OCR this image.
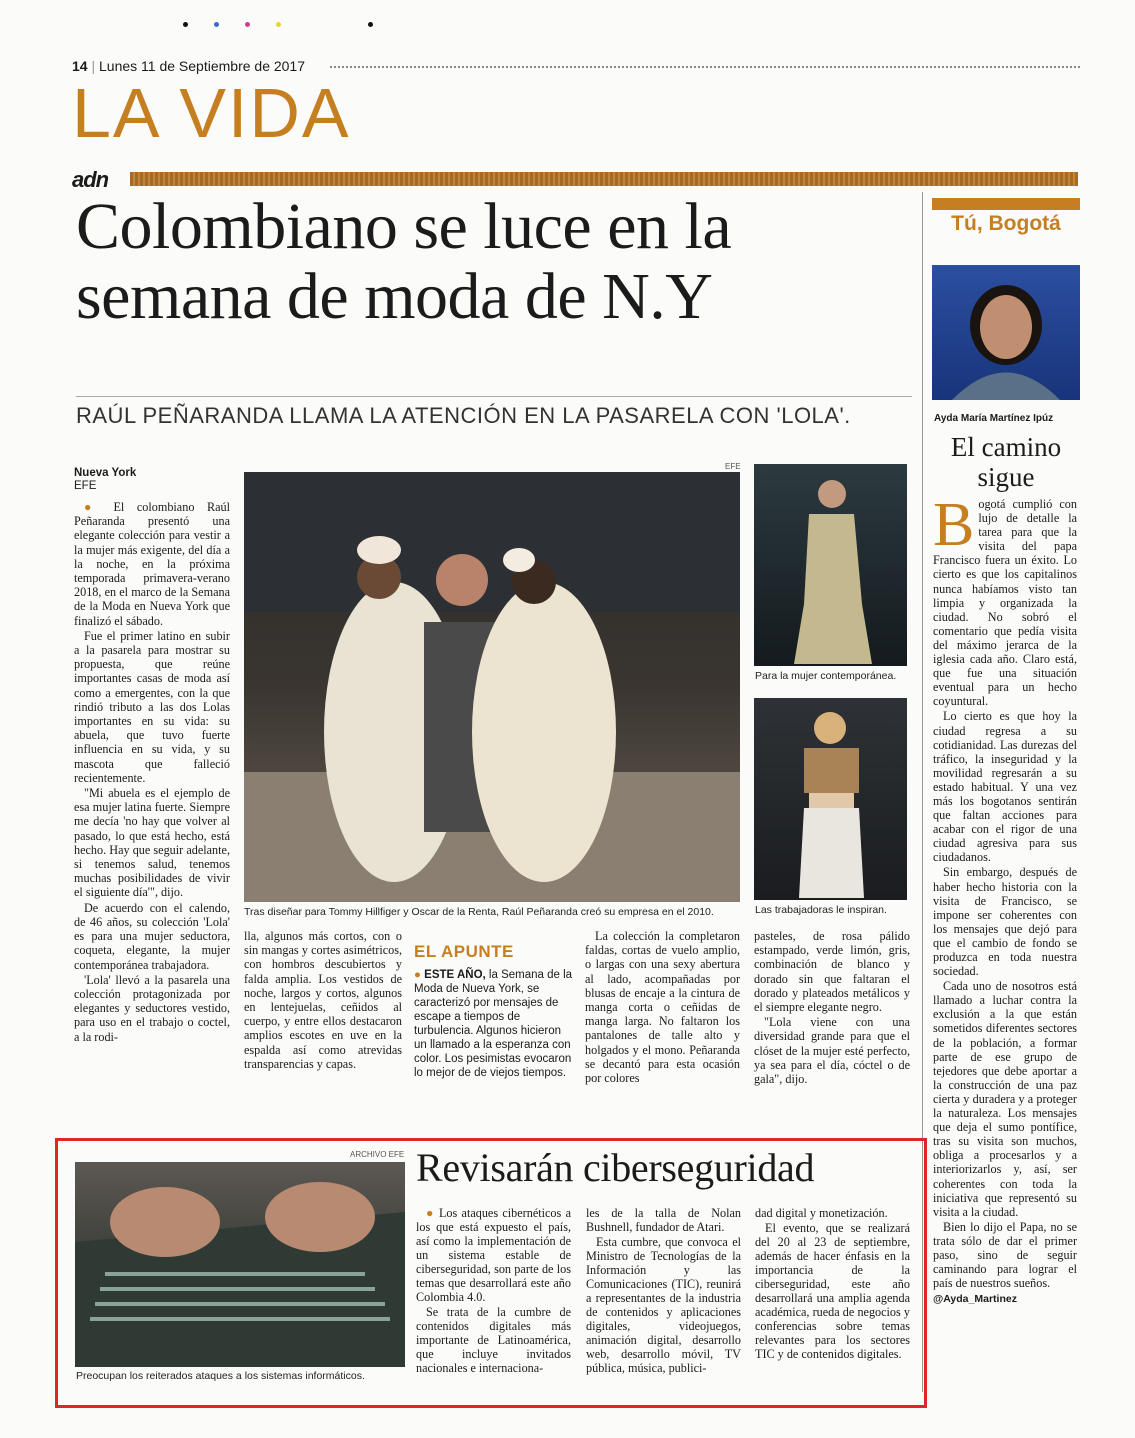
14 | Lunes 11 de Septiembre de 2017
LA VIDA
adn
Colombiano se luce en la semana de moda de N.Y
RAÚL PEÑARANDA LLAMA LA ATENCIÓN EN LA PASARELA CON 'LOLA'.
Nueva York
EFE

● El colombiano Raúl Peñaranda presentó una elegante colección para vestir a la mujer más exigente, del día a la noche, en la próxima temporada primavera-verano 2018, en el marco de la Semana de la Moda en Nueva York que finalizó el sábado.

Fue el primer latino en subir a la pasarela para mostrar su propuesta, que reúne importantes casas de moda así como a emergentes, con la que rindió tributo a las dos Lolas importantes en su vida: su abuela, que tuvo fuerte influencia en su vida, y su mascota que falleció recientemente.

"Mi abuela es el ejemplo de esa mujer latina fuerte. Siempre me decía 'no hay que volver al pasado, lo que está hecho, está hecho. Hay que seguir adelante, si tenemos salud, tenemos muchas posibilidades de vivir el siguiente día'", dijo.

De acuerdo con el calendo, de 46 años, su colección 'Lola' es para una mujer seductora, coqueta, elegante, la mujer contemporánea trabajadora.

'Lola' llevó a la pasarela una colección protagonizada por elegantes y seductores vestido, para uso en el trabajo o coctel, a la rodi-

EFE
Tras diseñar para Tommy Hillfiger y Oscar de la Renta, Raúl Peñaranda creó su empresa en el 2010.
Para la mujer contemporánea.
Las trabajadoras le inspiran.

lla, algunos más cortos, con o sin mangas y cortes asimétricos, con hombros descubiertos y falda amplia. Los vestidos de noche, largos y cortos, algunos en lentejuelas, ceñidos al cuerpo, y entre ellos destacaron amplios escotes en uve en la espalda así como atrevidas transparencias y capas.

EL APUNTE
● ESTE AÑO, la Semana de la Moda de Nueva York, se caracterizó por mensajes de escape a tiempos de turbulencia. Algunos hicieron un llamado a la esperanza con color. Los pesimistas evocaron lo mejor de de viejos tiempos.

La colección la completaron faldas, cortas de vuelo amplio, o largas con una sexy abertura al lado, acompañadas por blusas de encaje a la cintura de manga corta o ceñidas de manga larga. No faltaron los pantalones de talle alto y holgados y el mono. Peñaranda se decantó para esta ocasión por colores

pasteles, de rosa pálido estampado, verde limón, gris, combinación de blanco y dorado sin que faltaran el dorado y plateados metálicos y el siempre elegante negro.

"Lola viene con una diversidad grande para que el clóset de la mujer esté perfecto, ya sea para el día, cóctel o de gala", dijo.

Tú, Bogotá
Ayda María Martínez Ipúz
El camino sigue

Bogotá cumplió con lujo de detalle la tarea para que la visita del papa Francisco fuera un éxito. Lo cierto es que los capitalinos nunca habíamos visto tan limpia y organizada la ciudad. No sobró el comentario que pedía visita del máximo jerarca de la iglesia cada año. Claro está, que fue una situación eventual para un hecho coyuntural.

Lo cierto es que hoy la ciudad regresa a su cotidianidad. Las durezas del tráfico, la inseguridad y la movilidad regresarán a su estado habitual. Y una vez más los bogotanos sentirán que faltan acciones para acabar con el rigor de una ciudad agresiva para sus ciudadanos.

Sin embargo, después de haber hecho historia con la visita de Francisco, se impone ser coherentes con los mensajes que dejó para que el cambio de fondo se produzca en toda nuestra sociedad.

Cada uno de nosotros está llamado a luchar contra la exclusión a la que están sometidos diferentes sectores de la población, a formar parte de ese grupo de tejedores que debe aportar a la construcción de una paz cierta y duradera y a proteger la naturaleza. Los mensajes que deja el sumo pontífice, tras su visita son muchos, obliga a procesarlos y a interiorizarlos y, así, ser coherentes con toda la iniciativa que representó su visita a la ciudad.

Bien lo dijo el Papa, no se trata sólo de dar el primer paso, sino de seguir caminando para lograr el país de nuestros sueños.

@Ayda_Martinez
ARCHIVO EFE
Preocupan los reiterados ataques a los sistemas informáticos.
Revisarán ciberseguridad

● Los ataques cibernéticos a los que está expuesto el país, así como la implementación de un sistema estable de ciberseguridad, son parte de los temas que desarrollará este año Colombia 4.0.

Se trata de la cumbre de contenidos digitales más importante de Latinoamérica, que incluye invitados nacionales e internaciona-

les de la talla de Nolan Bushnell, fundador de Atari.

Esta cumbre, que convoca el Ministro de Tecnologías de la Información y las Comunicaciones (TIC), reunirá a representantes de la industria de contenidos y aplicaciones digitales, videojuegos, animación digital, desarrollo web, desarrollo móvil, TV pública, música, publici-

dad digital y monetización.

El evento, que se realizará del 20 al 23 de septiembre, además de hacer énfasis en la importancia de la ciberseguridad, este año desarrollará una amplia agenda académica, rueda de negocios y conferencias sobre temas relevantes para los sectores TIC y de contenidos digitales.
